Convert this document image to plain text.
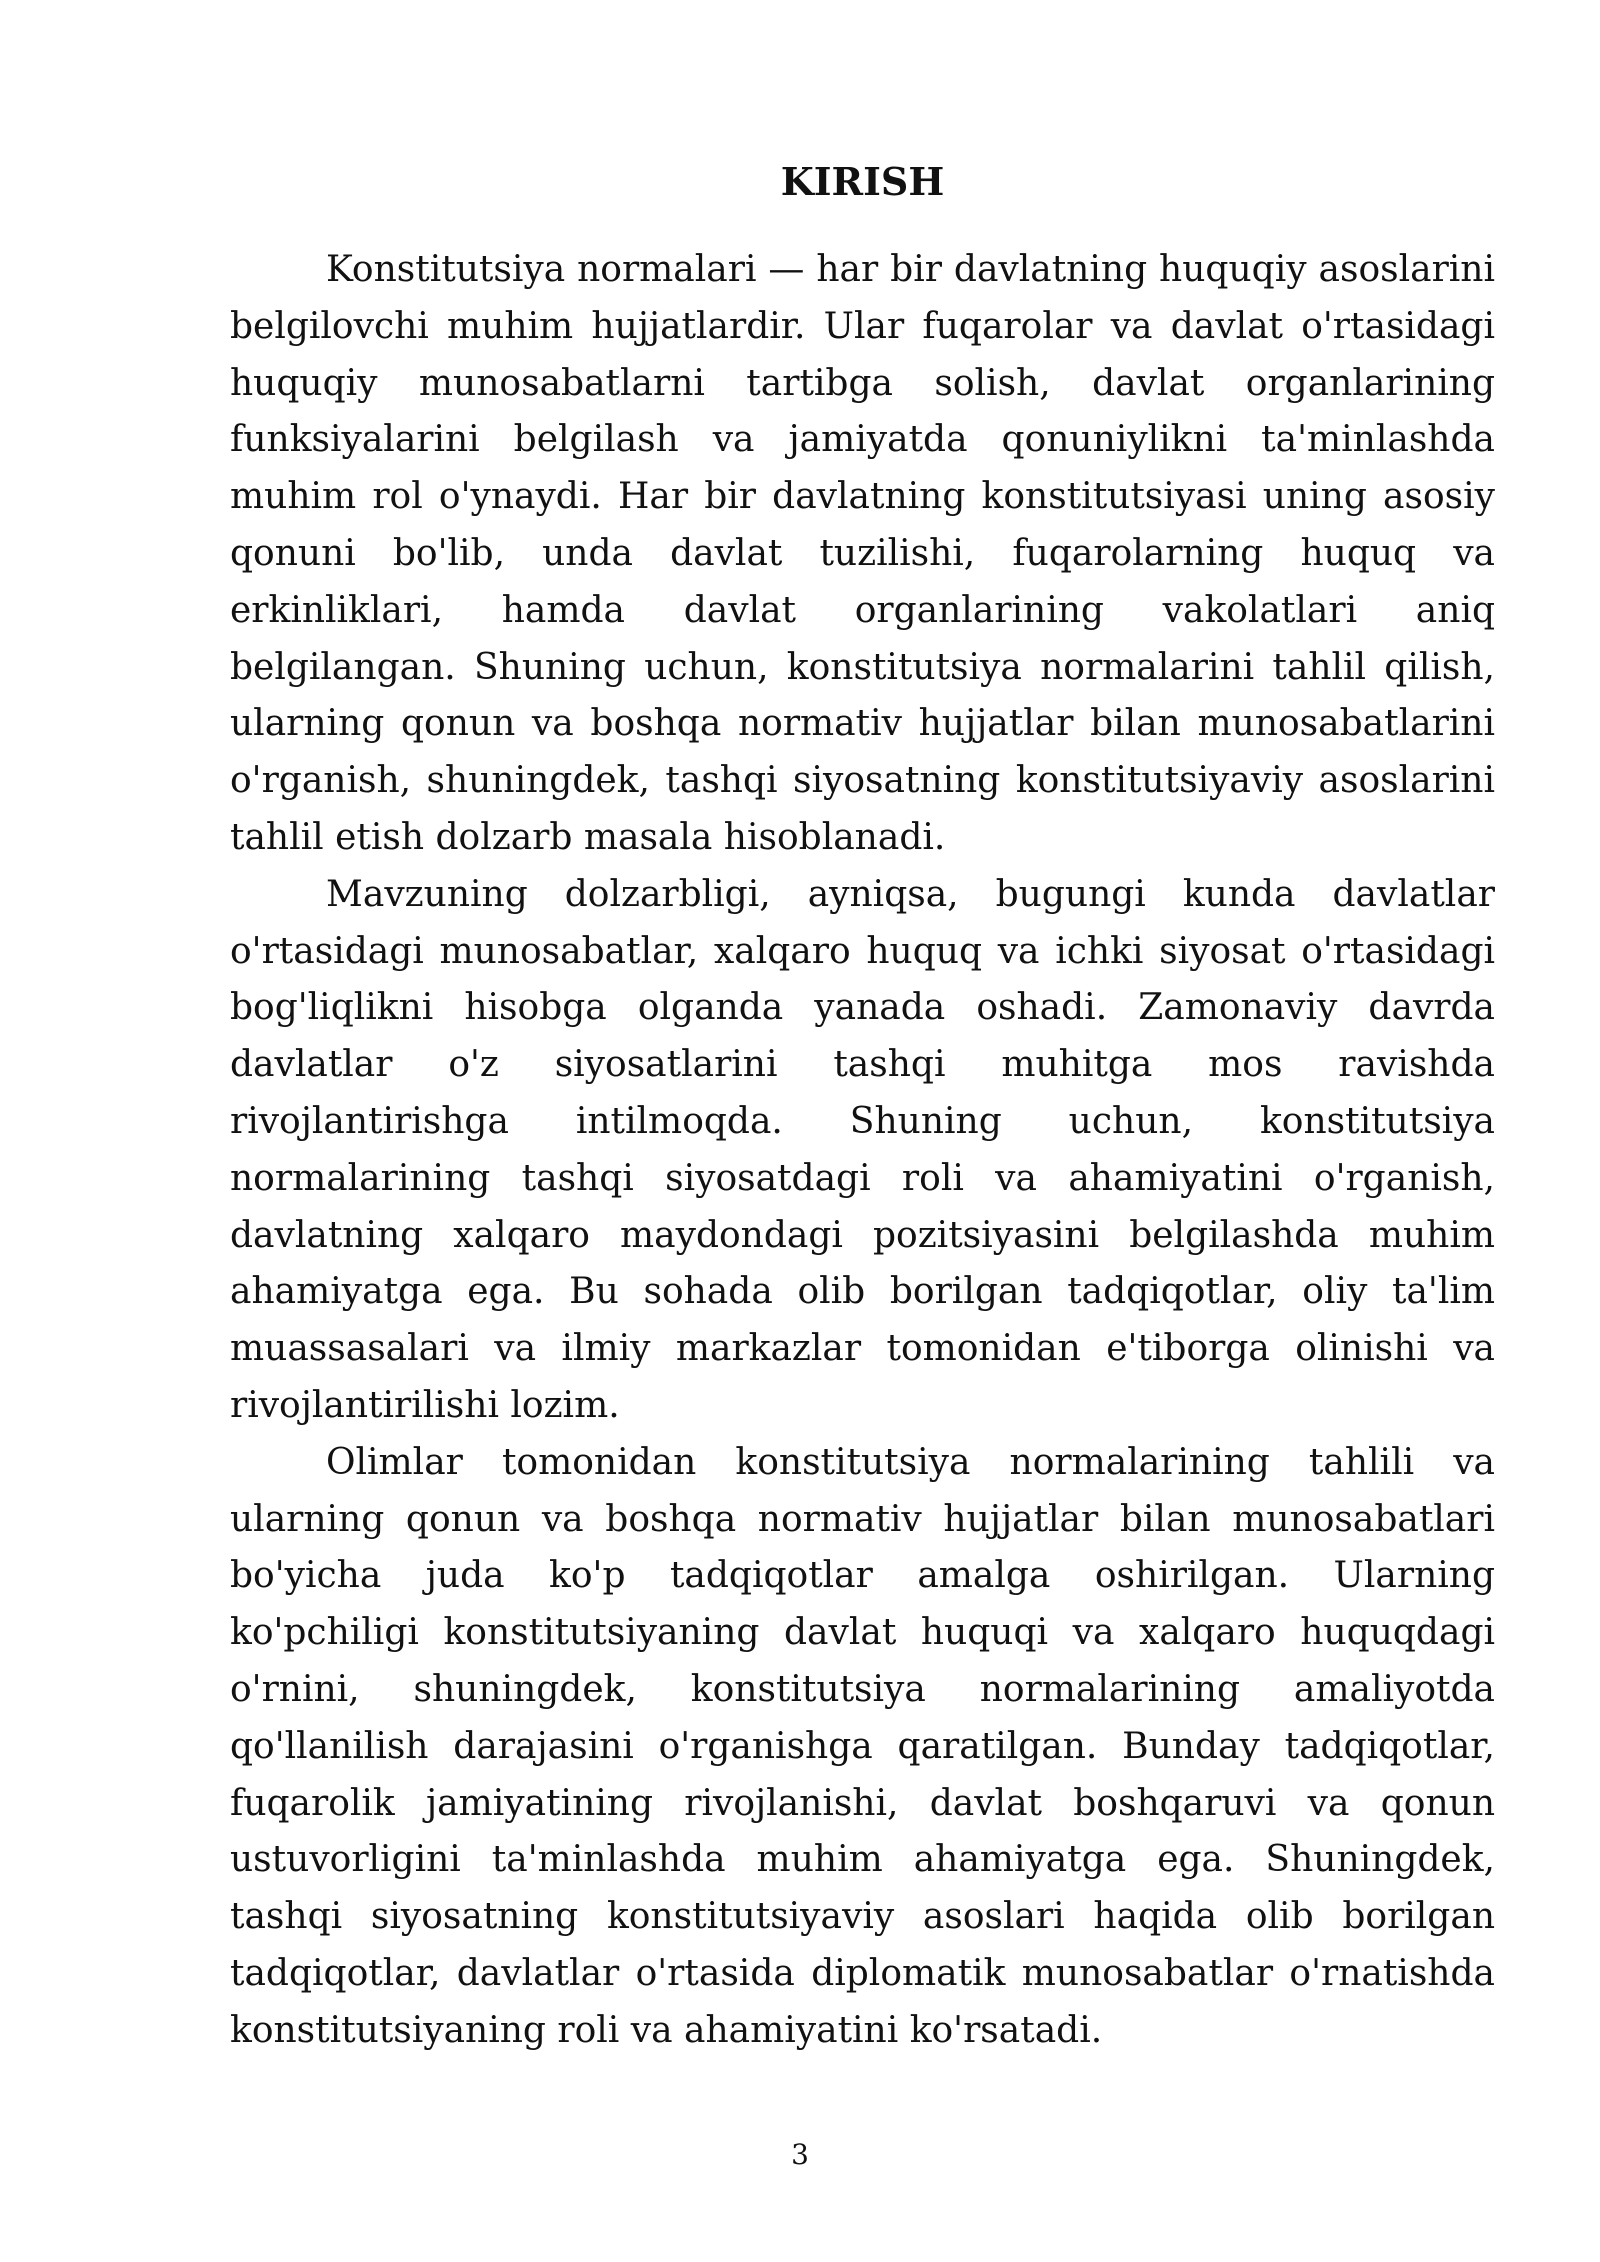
KIRISH

Konstitutsiya normalari — har bir davlatning huquqiy asoslarini belgilovchi muhim hujjatlardir. Ular fuqarolar va davlat o'rtasidagi huquqiy munosabatlarni tartibga solish, davlat organlarining funksiyalarini belgilash va jamiyatda qonuniylikni ta'minlashda muhim rol o'ynaydi. Har bir davlatning konstitutsiyasi uning asosiy qonuni bo'lib, unda davlat tuzilishi, fuqarolarning huquq va erkinliklari, hamda davlat organlarining vakolatlari aniq belgilangan. Shuning uchun, konstitutsiya normalarini tahlil qilish, ularning qonun va boshqa normativ hujjatlar bilan munosabatlarini o'rganish, shuningdek, tashqi siyosatning konstitutsiyaviy asoslarini tahlil etish dolzarb masala hisoblanadi.

Mavzuning dolzarbligi, ayniqsa, bugungi kunda davlatlar o'rtasidagi munosabatlar, xalqaro huquq va ichki siyosat o'rtasidagi bog'liqlikni hisobga olganda yanada oshadi. Zamonaviy davrda davlatlar o'z siyosatlarini tashqi muhitga mos ravishda rivojlantirishga intilmoqda. Shuning uchun, konstitutsiya normalarining tashqi siyosatdagi roli va ahamiyatini o'rganish, davlatning xalqaro maydondagi pozitsiyasini belgilashda muhim ahamiyatga ega. Bu sohada olib borilgan tadqiqotlar, oliy ta'lim muassasalari va ilmiy markazlar tomonidan e'tiborga olinishi va rivojlantirilishi lozim.

Olimlar tomonidan konstitutsiya normalarining tahlili va ularning qonun va boshqa normativ hujjatlar bilan munosabatlari bo'yicha juda ko'p tadqiqotlar amalga oshirilgan. Ularning ko'pchiligi konstitutsiyaning davlat huquqi va xalqaro huquqdagi o'rnini, shuningdek, konstitutsiya normalarining amaliyotda qo'llanilish darajasini o'rganishga qaratilgan. Bunday tadqiqotlar, fuqarolik jamiyatining rivojlanishi, davlat boshqaruvi va qonun ustuvorligini ta'minlashda muhim ahamiyatga ega. Shuningdek, tashqi siyosatning konstitutsiyaviy asoslari haqida olib borilgan tadqiqotlar, davlatlar o'rtasida diplomatik munosabatlar o'rnatishda konstitutsiyaning roli va ahamiyatini ko'rsatadi.

3
